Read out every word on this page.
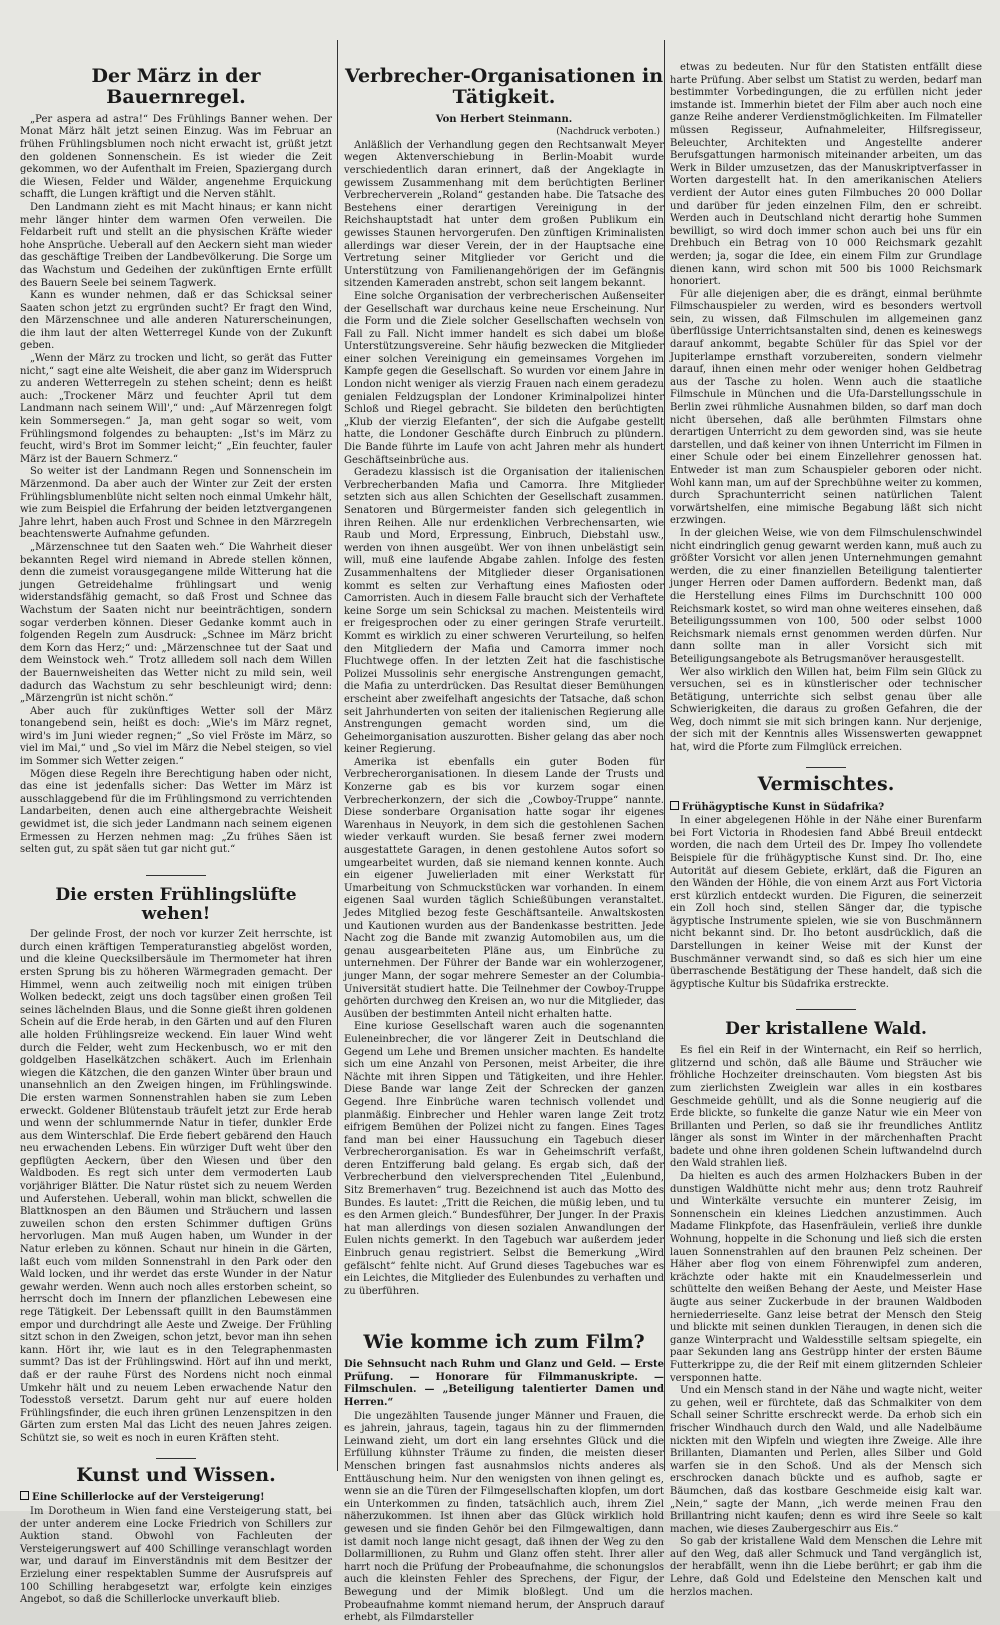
Der März in der Bauernregel.

„Per aspera ad astra!“ Des Frühlings Banner wehen. Der Monat März hält jetzt seinen Einzug. Was im Februar an frühen Frühlingsblumen noch nicht erwacht ist, grüßt jetzt den goldenen Sonnenschein. Es ist wieder die Zeit gekommen, wo der Aufenthalt im Freien, Spaziergang durch die Wiesen, Felder und Wälder, angenehme Erquickung schafft, die Lungen kräftigt und die Nerven stählt.

Den Landmann zieht es mit Macht hinaus; er kann nicht mehr länger hinter dem warmen Ofen verweilen. Die Feldarbeit ruft und stellt an die physischen Kräfte wieder hohe Ansprüche. Ueberall auf den Aeckern sieht man wieder das geschäftige Treiben der Landbevölkerung. Die Sorge um das Wachstum und Gedeihen der zukünftigen Ernte erfüllt des Bauern Seele bei seinem Tagwerk.

Kann es wunder nehmen, daß er das Schicksal seiner Saaten schon jetzt zu ergründen sucht? Er fragt den Wind, den Märzenschnee und alle anderen Naturerscheinungen, die ihm laut der alten Wetterregel Kunde von der Zukunft geben.

„Wenn der März zu trocken und licht, so gerät das Futter nicht,“ sagt eine alte Weisheit, die aber ganz im Widerspruch zu anderen Wetterregeln zu stehen scheint; denn es heißt auch: „Trockener März und feuchter April tut dem Landmann nach seinem Will',“ und: „Auf Märzenregen folgt kein Sommersegen.“ Ja, man geht sogar so weit, vom Frühlingsmond folgendes zu behaupten: „Ist's im März zu feucht, wird's Brot im Sommer leicht;“ „Ein feuchter, fauler März ist der Bauern Schmerz.“

So weiter ist der Landmann Regen und Sonnenschein im Märzenmond. Da aber auch der Winter zur Zeit der ersten Frühlingsblumenblüte nicht selten noch einmal Umkehr hält, wie zum Beispiel die Erfahrung der beiden letztvergangenen Jahre lehrt, haben auch Frost und Schnee in den Märzregeln beachtenswerte Aufnahme gefunden.

„Märzenschnee tut den Saaten weh.“ Die Wahrheit dieser bekannten Regel wird niemand in Abrede stellen können, denn die zumeist vorausgegangene milde Witterung hat die jungen Getreidehalme frühlingsart und wenig widerstandsfähig gemacht, so daß Frost und Schnee das Wachstum der Saaten nicht nur beeinträchtigen, sondern sogar verderben können. Dieser Gedanke kommt auch in folgenden Regeln zum Ausdruck: „Schnee im März bricht dem Korn das Herz;“ und: „Märzenschnee tut der Saat und dem Weinstock weh.“ Trotz allledem soll nach dem Willen der Bauernweisheiten das Wetter nicht zu mild sein, weil dadurch das Wachstum zu sehr beschleunigt wird; denn: „Märzengrün ist nicht schön.“

Aber auch für zukünftiges Wetter soll der März tonangebend sein, heißt es doch: „Wie's im März regnet, wird's im Juni wieder regnen;“ „So viel Fröste im März, so viel im Mai,“ und „So viel im März die Nebel steigen, so viel im Sommer sich Wetter zeigen.“

Mögen diese Regeln ihre Berechtigung haben oder nicht, das eine ist jedenfalls sicher: Das Wetter im März ist ausschlaggebend für die im Frühlingsmond zu verrichtenden Landarbeiten, denen auch eine althergebrachte Weisheit gewidmet ist, die sich jeder Landmann nach seinem eigenen Ermessen zu Herzen nehmen mag: „Zu frühes Säen ist selten gut, zu spät säen tut gar nicht gut.“

Die ersten Frühlingslüfte wehen!

Der gelinde Frost, der noch vor kurzer Zeit herrschte, ist durch einen kräftigen Temperaturanstieg abgelöst worden, und die kleine Quecksilbersäule im Thermometer hat ihren ersten Sprung bis zu höheren Wärmegraden gemacht. Der Himmel, wenn auch zeitweilig noch mit einigen trüben Wolken bedeckt, zeigt uns doch tagsüber einen großen Teil seines lächelnden Blaus, und die Sonne gießt ihren goldenen Schein auf die Erde herab, in den Gärten und auf den Fluren alle holden Frühlingsreize weckend. Ein lauer Wind weht durch die Felder, weht zum Heckenbusch, wo er mit den goldgelben Haselkätzchen schäkert. Auch im Erlenhain wiegen die Kätzchen, die den ganzen Winter über braun und unansehnlich an den Zweigen hingen, im Frühlingswinde. Die ersten warmen Sonnenstrahlen haben sie zum Leben erweckt. Goldener Blütenstaub träufelt jetzt zur Erde herab und wenn der schlummernde Natur in tiefer, dunkler Erde aus dem Winterschlaf. Die Erde fiebert gebärend den Hauch neu erwachenden Lebens. Ein würziger Duft weht über den gepflügten Aeckern, über den Wiesen und über den Waldboden. Es regt sich unter dem vermoderten Laub vorjähriger Blätter. Die Natur rüstet sich zu neuem Werden und Auferstehen. Ueberall, wohin man blickt, schwellen die Blattknospen an den Bäumen und Sträuchern und lassen zuweilen schon den ersten Schimmer duftigen Grüns hervorlugen. Man muß Augen haben, um Wunder in der Natur erleben zu können. Schaut nur hinein in die Gärten, laßt euch vom milden Sonnenstrahl in den Park oder den Wald locken, und ihr werdet das erste Wunder in der Natur gewahr werden. Wenn auch noch alles erstorben scheint, so herrscht doch im Innern der pflanzlichen Lebewesen eine rege Tätigkeit. Der Lebenssaft quillt in den Baumstämmen empor und durchdringt alle Aeste und Zweige. Der Frühling sitzt schon in den Zweigen, schon jetzt, bevor man ihn sehen kann. Hört ihr, wie laut es in den Telegraphenmasten summt? Das ist der Frühlingswind. Hört auf ihn und merkt, daß er der rauhe Fürst des Nordens nicht noch einmal Umkehr hält und zu neuem Leben erwachende Natur den Todesstoß versetzt. Darum geht nur auf euere holden Frühlingsfinder, die euch ihren grünen Lenzenspitzen in den Gärten zum ersten Mal das Licht des neuen Jahres zeigen. Schützt sie, so weit es noch in euren Kräften steht.

Kunst und Wissen.
Eine Schillerlocke auf der Versteigerung!

Im Dorotheum in Wien fand eine Versteigerung statt, bei der unter anderem eine Locke Friedrich von Schillers zur Auktion stand. Obwohl von Fachleuten der Versteigerungswert auf 400 Schillinge veranschlagt worden war, und darauf im Einverständnis mit dem Besitzer der Erzielung einer respektablen Summe der Ausrufspreis auf 100 Schilling herabgesetzt war, erfolgte kein einziges Angebot, so daß die Schillerlocke unverkauft blieb.

Verbrecher-Organisationen in Tätigkeit.
Von Herbert Steinmann.
(Nachdruck verboten.)

Anläßlich der Verhandlung gegen den Rechtsanwalt Meyer wegen Aktenverschiebung in Berlin-Moabit wurde verschiedentlich daran erinnert, daß der Angeklagte in gewissem Zusammenhang mit dem berüchtigten Berliner Verbrecherverein „Roland“ gestanden habe. Die Tatsache des Bestehens einer derartigen Vereinigung in der Reichshauptstadt hat unter dem großen Publikum ein gewisses Staunen hervorgerufen. Den zünftigen Kriminalisten allerdings war dieser Verein, der in der Hauptsache eine Vertretung seiner Mitglieder vor Gericht und die Unterstützung von Familienangehörigen der im Gefängnis sitzenden Kameraden anstrebt, schon seit langem bekannt.

Eine solche Organisation der verbrecherischen Außenseiter der Gesellschaft war durchaus keine neue Erscheinung. Nur die Form und die Ziele solcher Gesellschaften wechseln von Fall zu Fall. Nicht immer handelt es sich dabei um bloße Unterstützungsvereine. Sehr häufig bezwecken die Mitglieder einer solchen Vereinigung ein gemeinsames Vorgehen im Kampfe gegen die Gesellschaft. So wurden vor einem Jahre in London nicht weniger als vierzig Frauen nach einem geradezu genialen Feldzugsplan der Londoner Kriminalpolizei hinter Schloß und Riegel gebracht. Sie bildeten den berüchtigten „Klub der vierzig Elefanten“, der sich die Aufgabe gestellt hatte, die Londoner Geschäfte durch Einbruch zu plündern. Die Bande führte im Laufe von acht Jahren mehr als hundert Geschäftseinbrüche aus.

Geradezu klassisch ist die Organisation der italienischen Verbrecherbanden Mafia und Camorra. Ihre Mitglieder setzten sich aus allen Schichten der Gesellschaft zusammen. Senatoren und Bürgermeister fanden sich gelegentlich in ihren Reihen. Alle nur erdenklichen Verbrechensarten, wie Raub und Mord, Erpressung, Einbruch, Diebstahl usw., werden von ihnen ausgeübt. Wer von ihnen unbelästigt sein will, muß eine laufende Abgabe zahlen. Infolge des festen Zusammenhaltens der Mitglieder dieser Organisationen kommt es selten zur Verhaftung eines Mafiosten oder Camorristen. Auch in diesem Falle braucht sich der Verhaftete keine Sorge um sein Schicksal zu machen. Meistenteils wird er freigesprochen oder zu einer geringen Strafe verurteilt. Kommt es wirklich zu einer schweren Verurteilung, so helfen den Mitgliedern der Mafia und Camorra immer noch Fluchtwege offen. In der letzten Zeit hat die faschistische Polizei Mussolinis sehr energische Anstrengungen gemacht, die Mafia zu unterdrücken. Das Resultat dieser Bemühungen erscheint aber zweifelhaft angesichts der Tatsache, daß schon seit Jahrhunderten von seiten der italienischen Regierung alle Anstrengungen gemacht worden sind, um die Geheimorganisation auszurotten. Bisher gelang das aber noch keiner Regierung.

Amerika ist ebenfalls ein guter Boden für Verbrecherorganisationen. In diesem Lande der Trusts und Konzerne gab es bis vor kurzem sogar einen Verbrecherkonzern, der sich die „Cowboy-Truppe“ nannte. Diese sonderbare Organisation hatte sogar ihr eigenes Warenhaus in Neuyork, in dem sich die gestohlenen Sachen wieder verkauft wurden. Sie besaß ferner zwei modern ausgestattete Garagen, in denen gestohlene Autos sofort so umgearbeitet wurden, daß sie niemand kennen konnte. Auch ein eigener Juwelierladen mit einer Werkstatt für Umarbeitung von Schmuckstücken war vorhanden. In einem eigenen Saal wurden täglich Schießübungen veranstaltet. Jedes Mitglied bezog feste Geschäftsanteile. Anwaltskosten und Kautionen wurden aus der Bandenkasse bestritten. Jede Nacht zog die Bande mit zwanzig Automobilen aus, um die genau ausgearbeiteten Pläne aus, um Einbrüche zu unternehmen. Der Führer der Bande war ein wohlerzogener, junger Mann, der sogar mehrere Semester an der Columbia-Universität studiert hatte. Die Teilnehmer der Cowboy-Truppe gehörten durchweg den Kreisen an, wo nur die Mitglieder, das Ausüben der bestimmten Anteil nicht erhalten hatte.

Eine kuriose Gesellschaft waren auch die sogenannten Euleneinbrecher, die vor längerer Zeit in Deutschland die Gegend um Lehe und Bremen unsicher machten. Es handelte sich um eine Anzahl von Personen, meist Arbeiter, die ihre Nächte mit ihren Sippen und Tätigkeiten, und ihre Hehler. Diese Bande war lange Zeit der Schrecken der ganzen Gegend. Ihre Einbrüche waren technisch vollendet und planmäßig. Einbrecher und Hehler waren lange Zeit trotz eifrigem Bemühen der Polizei nicht zu fangen. Eines Tages fand man bei einer Haussuchung ein Tagebuch dieser Verbrecherorganisation. Es war in Geheimschrift verfaßt, deren Entzifferung bald gelang. Es ergab sich, daß der Verbrecherbund den vielversprechenden Titel „Eulenbund, Sitz Bremerhaven“ trug. Bezeichnend ist auch das Motto des Bundes. Es lautet: „Tritt die Reichen, die müßig leben, und tu es den Armen gleich.“ Bundesführer, Der Junger. In der Praxis hat man allerdings von diesen sozialen Anwandlungen der Eulen nichts gemerkt. In den Tagebuch war außerdem jeder Einbruch genau registriert. Selbst die Bemerkung „Wird gefälscht“ fehlte nicht. Auf Grund dieses Tagebuches war es ein Leichtes, die Mitglieder des Eulenbundes zu verhaften und zu überführen.

Wie komme ich zum Film?
Die Sehnsucht nach Ruhm und Glanz und Geld. — Erste Prüfung. — Honorare für Filmmanuskripte. — Filmschulen. — „Beteiligung talentierter Damen und Herren.“

Die ungezählten Tausende junger Männer und Frauen, die es jahrein, jahraus, tagein, tagaus hin zu der flimmernden Leinwand zieht, um dort ein lang ersehntes Glück und die Erfüllung kühnster Träume zu finden, die meisten dieser Menschen bringen fast ausnahmslos nichts anderes als Enttäuschung heim. Nur den wenigsten von ihnen gelingt es, wenn sie an die Türen der Filmgesellschaften klopfen, um dort ein Unterkommen zu finden, tatsächlich auch, ihrem Ziel näherzukommen. Ist ihnen aber das Glück wirklich hold gewesen und sie finden Gehör bei den Filmgewaltigen, dann ist damit noch lange nicht gesagt, daß ihnen der Weg zu den Dollarmillionen, zu Ruhm und Glanz offen steht. Ihrer aller harrt noch die Prüfung der Probeaufnahme, die schonungslos auch die kleinsten Fehler des Sprechens, der Figur, der Bewegung und der Mimik bloßlegt. Und um die Probeaufnahme kommt niemand herum, der Anspruch darauf erhebt, als Filmdarsteller

etwas zu bedeuten. Nur für den Statisten entfällt diese harte Prüfung. Aber selbst um Statist zu werden, bedarf man bestimmter Vorbedingungen, die zu erfüllen nicht jeder imstande ist. Immerhin bietet der Film aber auch noch eine ganze Reihe anderer Verdienstmöglichkeiten. Im Filmateller müssen Regisseur, Aufnahmeleiter, Hilfsregisseur, Beleuchter, Architekten und Angestellte anderer Berufsgattungen harmonisch miteinander arbeiten, um das Werk in Bilder umzusetzen, das der Manuskriptverfasser in Worten dargestellt hat. In den amerikanischen Ateliers verdient der Autor eines guten Filmbuches 20 000 Dollar und darüber für jeden einzelnen Film, den er schreibt. Werden auch in Deutschland nicht derartig hohe Summen bewilligt, so wird doch immer schon auch bei uns für ein Drehbuch ein Betrag von 10 000 Reichsmark gezahlt werden; ja, sogar die Idee, ein einem Film zur Grundlage dienen kann, wird schon mit 500 bis 1000 Reichsmark honoriert.

Für alle diejenigen aber, die es drängt, einmal berühmte Filmschauspieler zu werden, wird es besonders wertvoll sein, zu wissen, daß Filmschulen im allgemeinen ganz überflüssige Unterrichtsanstalten sind, denen es keineswegs darauf ankommt, begabte Schüler für das Spiel vor der Jupiterlampe ernsthaft vorzubereiten, sondern vielmehr darauf, ihnen einen mehr oder weniger hohen Geldbetrag aus der Tasche zu holen. Wenn auch die staatliche Filmschule in München und die Ufa-Darstellungsschule in Berlin zwei rühmliche Ausnahmen bilden, so darf man doch nicht übersehen, daß alle berühmten Filmstars ohne derartigen Unterricht zu dem geworden sind, was sie heute darstellen, und daß keiner von ihnen Unterricht im Filmen in einer Schule oder bei einem Einzellehrer genossen hat. Entweder ist man zum Schauspieler geboren oder nicht. Wohl kann man, um auf der Sprechbühne weiter zu kommen, durch Sprachunterricht seinen natürlichen Talent vorwärtshelfen, eine mimische Begabung läßt sich nicht erzwingen.

In der gleichen Weise, wie von dem Filmschulenschwindel nicht eindringlich genug gewarnt werden kann, muß auch zu größter Vorsicht vor allen jenen Unternehmungen gemahnt werden, die zu einer finanziellen Beteiligung talentierter junger Herren oder Damen auffordern. Bedenkt man, daß die Herstellung eines Films im Durchschnitt 100 000 Reichsmark kostet, so wird man ohne weiteres einsehen, daß Beteiligungssummen von 100, 500 oder selbst 1000 Reichsmark niemals ernst genommen werden dürfen. Nur dann sollte man in aller Vorsicht sich mit Beteiligungsangebote als Betrugsmanöver herausgestellt.

Wer also wirklich den Willen hat, beim Film sein Glück zu versuchen, sei es in künstlerischer oder technischer Betätigung, unterrichte sich selbst genau über alle Schwierigkeiten, die daraus zu großen Gefahren, die der Weg, doch nimmt sie mit sich bringen kann. Nur derjenige, der sich mit der Kenntnis alles Wissenswerten gewappnet hat, wird die Pforte zum Filmglück erreichen.

Vermischtes.
Frühägyptische Kunst in Südafrika?

In einer abgelegenen Höhle in der Nähe einer Burenfarm bei Fort Victoria in Rhodesien fand Abbé Breuil entdeckt worden, die nach dem Urteil des Dr. Impey Iho vollendete Beispiele für die frühägyptische Kunst sind. Dr. Iho, eine Autorität auf diesem Gebiete, erklärt, daß die Figuren an den Wänden der Höhle, die von einem Arzt aus Fort Victoria erst kürzlich entdeckt wurden. Die Figuren, die seinerzeit ein Zoll hoch sind, stellen Sänger dar, die typische ägyptische Instrumente spielen, wie sie von Buschmännern nicht bekannt sind. Dr. Iho betont ausdrücklich, daß die Darstellungen in keiner Weise mit der Kunst der Buschmänner verwandt sind, so daß es sich hier um eine überraschende Bestätigung der These handelt, daß sich die ägyptische Kultur bis Südafrika erstreckte.

Der kristallene Wald.

Es fiel ein Reif in der Winternacht, ein Reif so herrlich, glitzernd und schön, daß alle Bäume und Sträucher wie fröhliche Hochzeiter dreinschauten. Vom biegsten Ast bis zum zierlichsten Zweiglein war alles in ein kostbares Geschmeide gehüllt, und als die Sonne neugierig auf die Erde blickte, so funkelte die ganze Natur wie ein Meer von Brillanten und Perlen, so daß sie ihr freundliches Antlitz länger als sonst im Winter in der märchenhaften Pracht badete und ohne ihren goldenen Schein luftwandelnd durch den Wald strahlen ließ.

Da hielten es auch des armen Holzhackers Buben in der dunstigen Waldhütte nicht mehr aus; denn trotz Rauhreif und Winterkälte versuchte ein munterer Zeisig, im Sonnenschein ein kleines Liedchen anzustimmen. Auch Madame Flinkpfote, das Hasenfräulein, verließ ihre dunkle Wohnung, hoppelte in die Schonung und ließ sich die ersten lauen Sonnenstrahlen auf den braunen Pelz scheinen. Der Häher aber flog von einem Föhrenwipfel zum anderen, krächzte oder hakte mit ein Knaudelmesserlein und schüttelte den weißen Behang der Aeste, und Meister Hase äugte aus seiner Zuckerbude in der braunen Waldboden herniederrieselte. Ganz leise betrat der Mensch den Steig und blickte mit seinen dunklen Tieraugen, in denen sich die ganze Winterpracht und Waldesstille seltsam spiegelte, ein paar Sekunden lang ans Gestrüpp hinter der ersten Bäume Futterkrippe zu, die der Reif mit einem glitzernden Schleier versponnen hatte.

Und ein Mensch stand in der Nähe und wagte nicht, weiter zu gehen, weil er fürchtete, daß das Schmalkiter von dem Schall seiner Schritte erschreckt werde. Da erhob sich ein frischer Windhauch durch den Wald, und alle Nadelbäume nickten mit den Wipfeln und wiegten ihre Zweige. Alle ihre Brillanten, Diamanten und Perlen, alles Silber und Gold warfen sie in den Schoß. Und als der Mensch sich erschrocken danach bückte und es aufhob, sagte er Bäumchen, daß das kostbare Geschmeide eisig kalt war. „Nein,“ sagte der Mann, „ich werde meinen Frau den Brillantring nicht kaufen; denn es wird ihre Seele so kalt machen, wie dieses Zaubergeschirr aus Eis.“

So gab der kristallene Wald dem Menschen die Lehre mit auf den Weg, daß aller Schmuck und Tand vergänglich ist, der herabfällt, wenn ihn die Liebe berührt; er gab ihm die Lehre, daß Gold und Edelsteine den Menschen kalt und herzlos machen.
